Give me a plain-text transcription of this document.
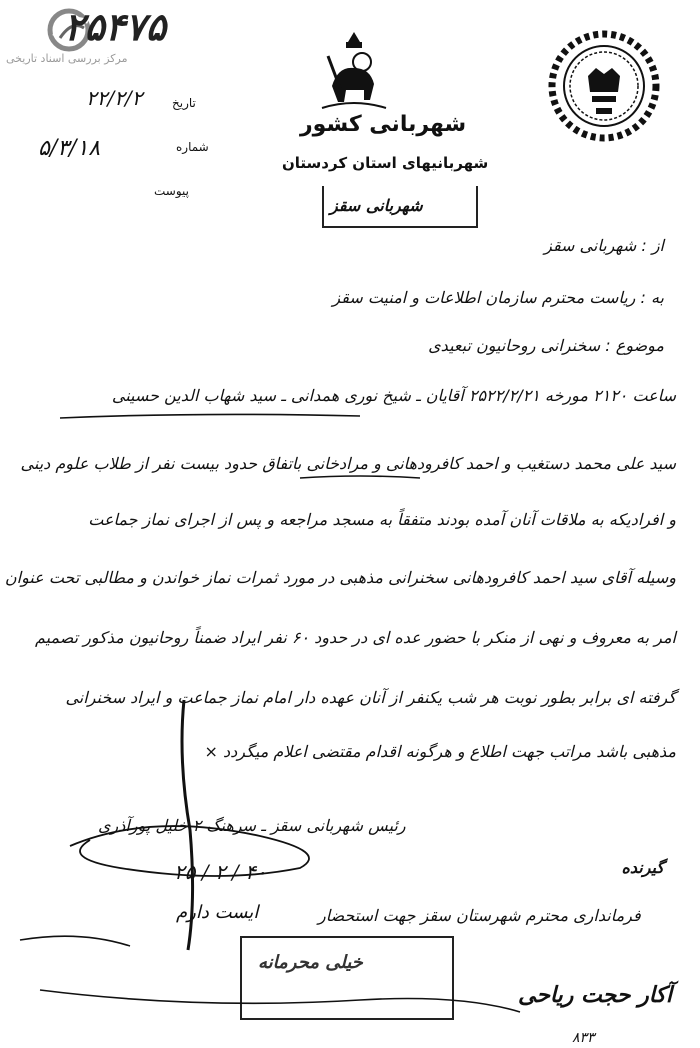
مرکز بررسی اسناد تاریخی
۲۵۴۷۵
شهربانی کشور
شهربانیهای استان کردستان
تاریخ
۲۲/۲/۲
شماره
۵/۳/۱۸
پیوست
شهربانی سقز
از : شهربانی سقز
به : ریاست محترم سازمان اطلاعات و امنیت سقز
موضوع : سخنرانی روحانیون تبعیدی
ساعت ۲۱۲۰ مورخه ۲۵۲۲/۲/۲۱ آقایان ـ شیخ نوری همدانی ـ سید شهاب الدین حسینی
سید علی محمد دستغیب و احمد کافرودهانی و مرادخانی باتفاق حدود بیست نفر از طلاب علوم دینی
و افرادیکه به ملاقات آنان آمده بودند متفقاً به مسجد مراجعه و پس از اجرای نماز جماعت
وسیله آقای سید احمد کافرودهانی سخنرانی مذهبی در مورد ثمرات نماز خواندن و مطالبی تحت عنوان
امر به معروف و نهی از منکر با حضور عده ای در حدود ۶۰ نفر ایراد ضمناً روحانیون مذکور تصمیم
گرفته ای برابر بطور نوبت هر شب یکنفر از آنان عهده دار امام نماز جماعت و ایراد سخنرانی
مذهبی باشد مراتب جهت اطلاع و هرگونه اقدام مقتضی اعلام میگردد ×
رئیس شهربانی سقز ـ سرهنگ ۲ خلیل پورآذری
۲۵ / ۲ / ۴۰	گیرنده
فرمانداری محترم شهرستان سقز جهت استحضار
ایست دارم
خیلی محرمانه
آکار حجت ریاحی
۸۳۳
